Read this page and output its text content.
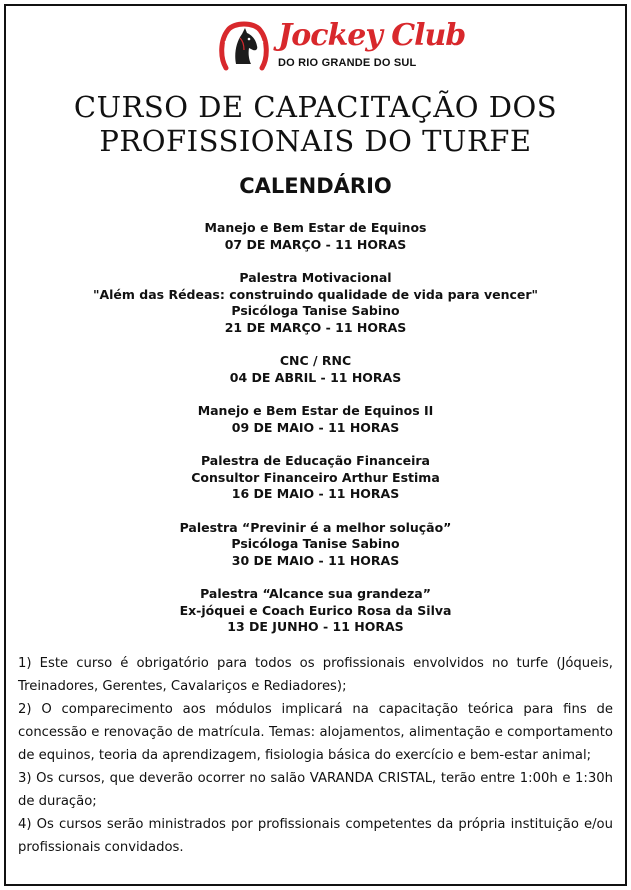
Jockey Club
DO RIO GRANDE DO SUL
CURSO DE CAPACITAÇÃO DOS
PROFISSIONAIS DO TURFE
CALENDÁRIO
Manejo e Bem Estar de Equinos
07 DE MARÇO - 11 HORAS
Palestra Motivacional
"Além das Rédeas: construindo qualidade de vida para vencer"
Psicóloga Tanise Sabino
21 DE MARÇO - 11 HORAS
CNC / RNC
04 DE ABRIL - 11 HORAS
Manejo e Bem Estar de Equinos II
09 DE MAIO - 11 HORAS
Palestra de Educação Financeira
Consultor Financeiro Arthur Estima
16 DE MAIO - 11 HORAS
Palestra “Previnir é a melhor solução”
Psicóloga Tanise Sabino
30 DE MAIO - 11 HORAS
Palestra “Alcance sua grandeza”
Ex-jóquei e Coach Eurico Rosa da Silva
13 DE JUNHO - 11 HORAS

1) Este curso é obrigatório para todos os profissionais envolvidos no turfe (Jóqueis, Treinadores, Gerentes, Cavalariços e Rediadores);

2) O comparecimento aos módulos implicará na capacitação teórica para fins de concessão e renovação de matrícula. Temas: alojamentos, alimentação e comportamento de equinos, teoria da aprendizagem, fisiologia básica do exercício e bem-estar animal;

3) Os cursos, que deverão ocorrer no salão VARANDA CRISTAL, terão entre 1:00h e 1:30h de duração;

4) Os cursos serão ministrados por profissionais competentes da própria instituição e/ou profissionais convidados.
